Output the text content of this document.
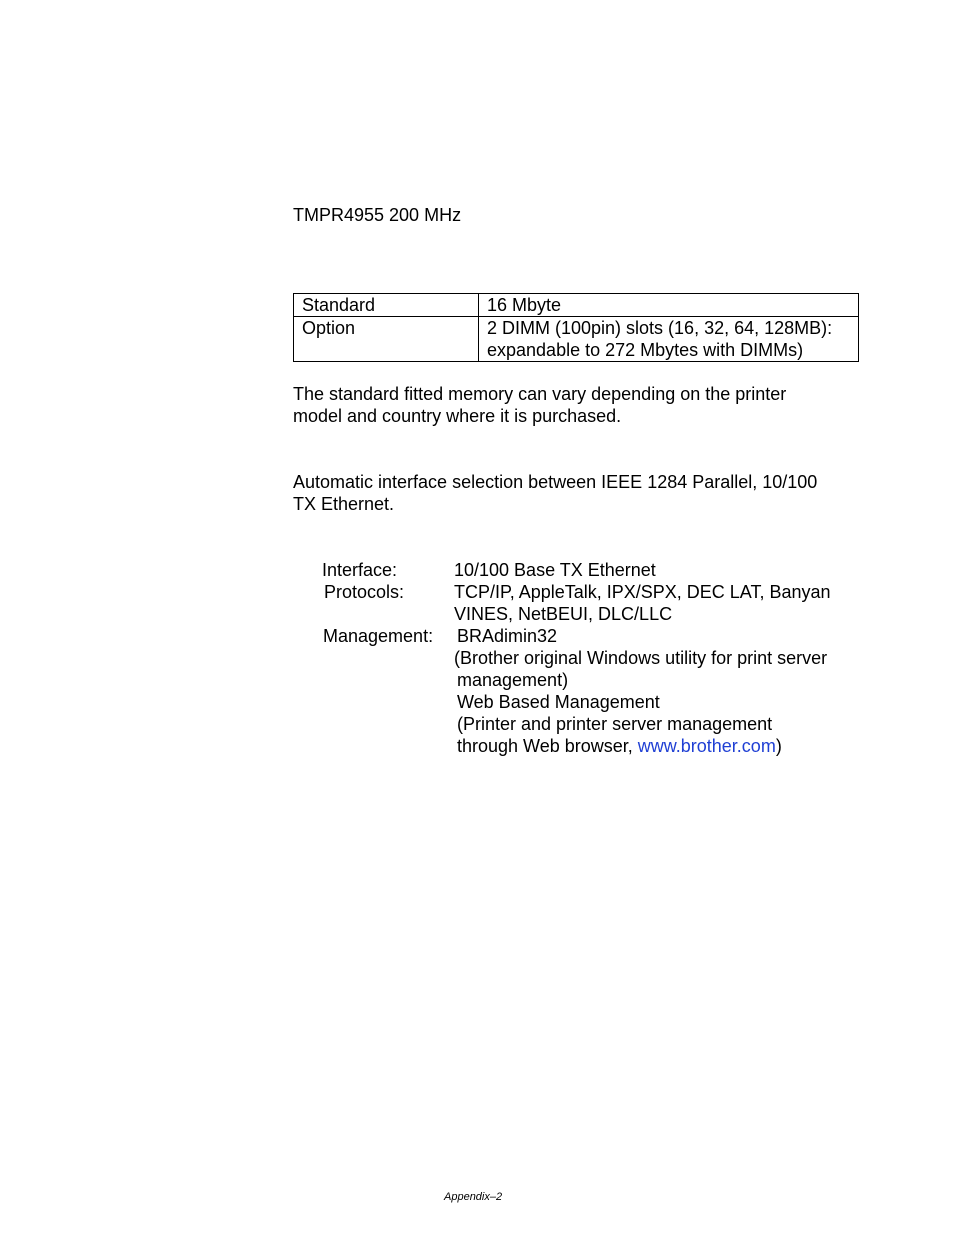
TMPR4955 200 MHz
Standard	16 Mbyte
Option	2 DIMM (100pin) slots (16, 32, 64, 128MB):
expandable to 272 Mbytes with DIMMs)
The standard fitted memory can vary depending on the printer
model and country where it is purchased.
Automatic interface selection between IEEE 1284 Parallel, 10/100
TX Ethernet.
Interface:	10/100 Base TX Ethernet
Protocols:	TCP/IP, AppleTalk, IPX/SPX, DEC LAT, Banyan
VINES, NetBEUI, DLC/LLC
Management: BRAdimin32
(Brother original Windows utility for print server
management)
Web Based Management
(Printer and printer server management
through Web browser, www.brother.com)
Appendix–2
